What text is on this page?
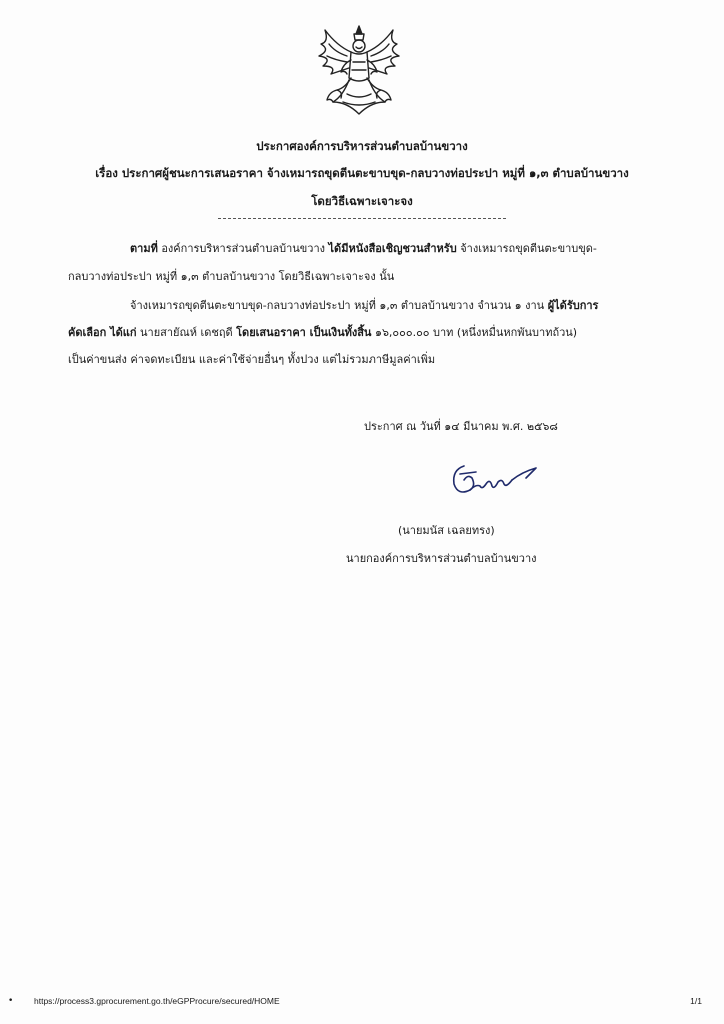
ประกาศองค์การบริหารส่วนตำบลบ้านขวาง
เรื่อง ประกาศผู้ชนะการเสนอราคา จ้างเหมารถขุดตีนตะขาบขุด-กลบวางท่อประปา หมู่ที่ ๑,๓ ตำบลบ้านขวาง
โดยวิธีเฉพาะเจาะจง
ตามที่ องค์การบริหารส่วนตำบลบ้านขวาง ได้มีหนังสือเชิญชวนสำหรับ จ้างเหมารถขุดตีนตะขาบขุด-
กลบวางท่อประปา หมู่ที่ ๑,๓ ตำบลบ้านขวาง โดยวิธีเฉพาะเจาะจง นั้น
จ้างเหมารถขุดตีนตะขาบขุด-กลบวางท่อประปา หมู่ที่ ๑,๓ ตำบลบ้านขวาง จำนวน ๑ งาน ผู้ได้รับการ
คัดเลือก ได้แก่ นายสายัณห์ เดชฤดี โดยเสนอราคา เป็นเงินทั้งสิ้น ๑๖,๐๐๐.๐๐ บาท (หนึ่งหมื่นหกพันบาทถ้วน)
เป็นค่าขนส่ง ค่าจดทะเบียน และค่าใช้จ่ายอื่นๆ ทั้งปวง แต่ไม่รวมภาษีมูลค่าเพิ่ม
ประกาศ ณ วันที่ ๑๔ มีนาคม พ.ศ. ๒๕๖๘
(นายมนัส เฉลยทรง)
นายกองค์การบริหารส่วนตำบลบ้านขวาง
• https://process3.gprocurement.go.th/eGPProcure/secured/HOME	1/1
